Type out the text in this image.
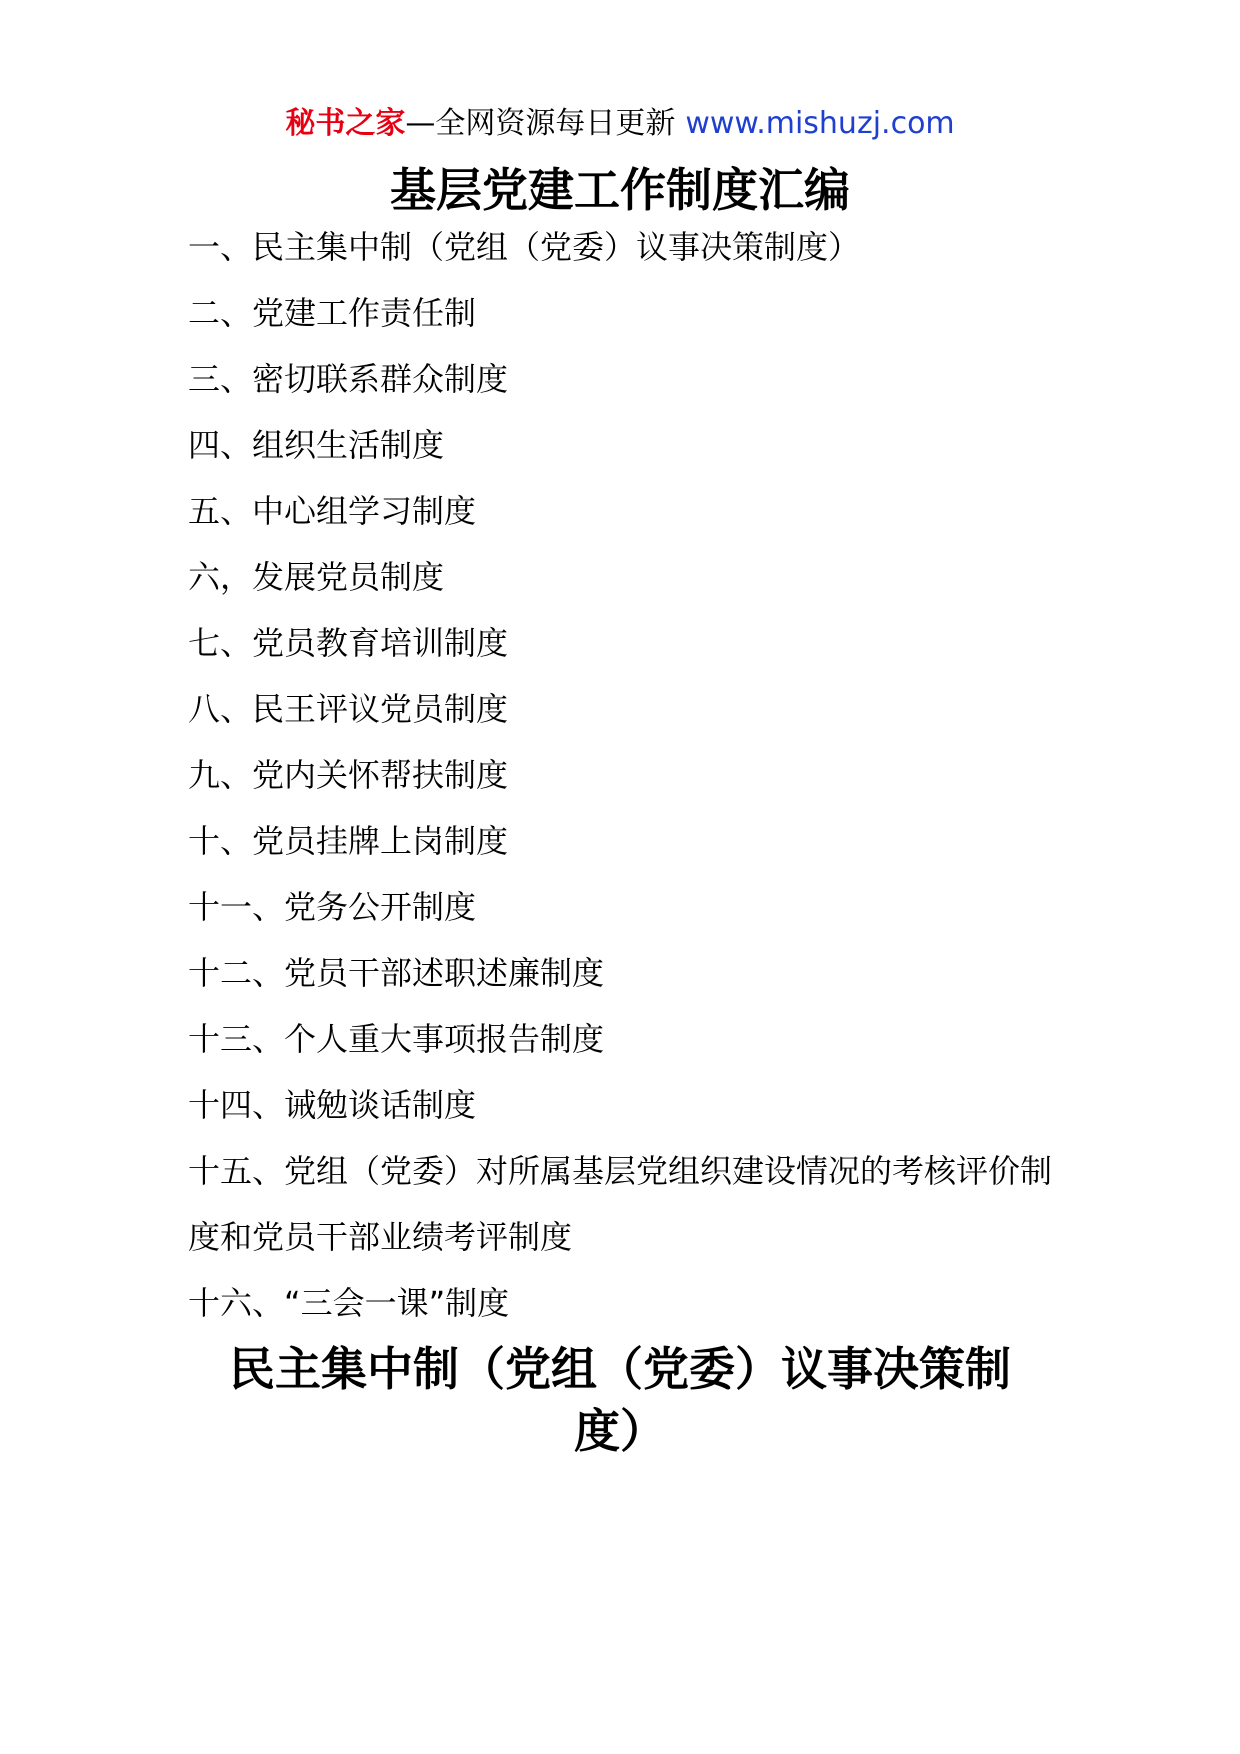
秘书之家—全网资源每日更新 www.mishuzj.com
基层党建工作制度汇编
一、民主集中制（党组（党委）议事决策制度）
二、党建工作责任制
三、密切联系群众制度
四、组织生活制度
五、中心组学习制度
六，发展党员制度
七、党员教育培训制度
八、民王评议党员制度
九、党内关怀帮扶制度
十、党员挂牌上岗制度
十一、党务公开制度
十二、党员干部述职述廉制度
十三、个人重大事项报告制度
十四、诫勉谈话制度
十五、党组（党委）对所属基层党组织建设情况的考核评价制度和党员干部业绩考评制度
十六、“三会一课”制度
民主集中制（党组（党委）议事决策制度）
